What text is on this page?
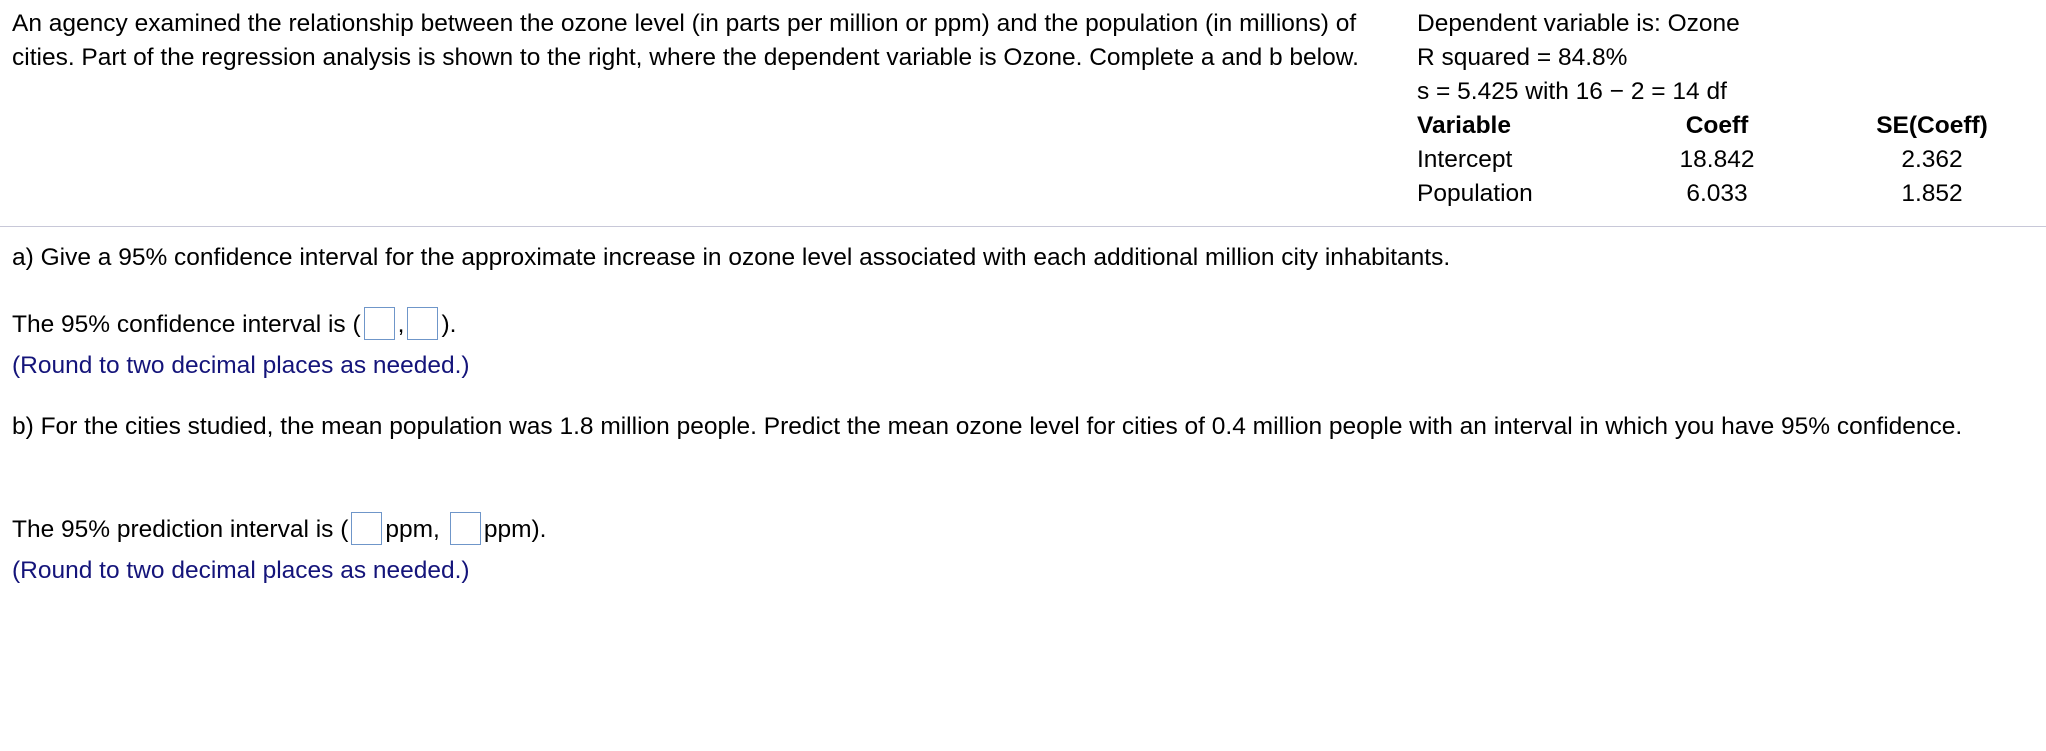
An agency examined the relationship between the ozone level (in parts per million or ppm) and the population (in millions) of cities. Part of the regression analysis is shown to the right, where the dependent variable is Ozone. Complete a and b below.
Dependent variable is: Ozone
R squared = 84.8%
s = 5.425 with 16 − 2 = 14 df
Variable	Coeff	SE(Coeff)
Intercept	18.842	2.362
Population	6.033	1.852
a) Give a 95% confidence interval for the approximate increase in ozone level associated with each additional million city inhabitants.
The 95% confidence interval is ( , ).
(Round to two decimal places as needed.)
b) For the cities studied, the mean population was 1.8 million people. Predict the mean ozone level for cities of 0.4 million people with an interval in which you have 95% confidence.
The 95% prediction interval is ( ppm, ppm).
(Round to two decimal places as needed.)
